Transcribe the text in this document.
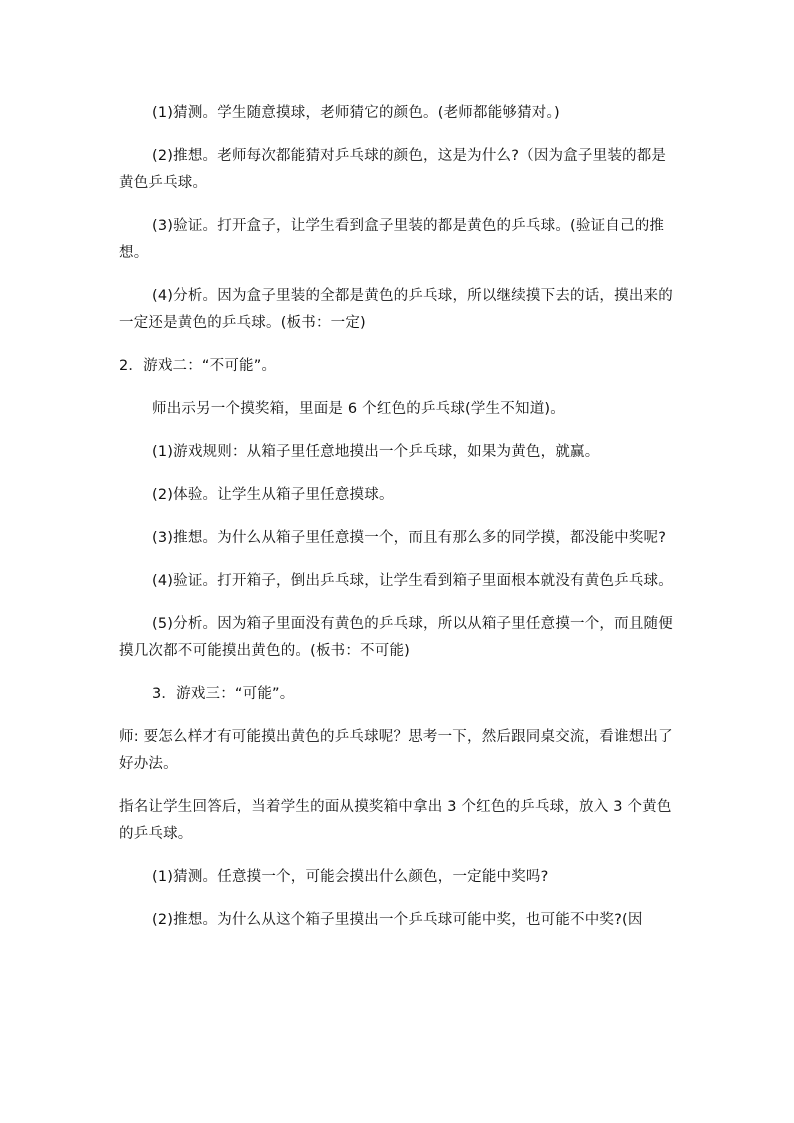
(1)猜测。学生随意摸球，老师猜它的颜色。(老师都能够猜对。)

(2)推想。老师每次都能猜对乒乓球的颜色，这是为什么?（因为盒子里装的都是黄色乒乓球。

(3)验证。打开盒子，让学生看到盒子里装的都是黄色的乒乓球。(验证自己的推想。

(4)分析。因为盒子里装的全都是黄色的乒乓球，所以继续摸下去的话，摸出来的一定还是黄色的乒乓球。(板书：一定)

2．游戏二：“不可能”。

师出示另一个摸奖箱，里面是 6 个红色的乒乓球(学生不知道)。

(1)游戏规则：从箱子里任意地摸出一个乒乓球，如果为黄色，就赢。

(2)体验。让学生从箱子里任意摸球。

(3)推想。为什么从箱子里任意摸一个，而且有那么多的同学摸，都没能中奖呢?

(4)验证。打开箱子，倒出乒乓球，让学生看到箱子里面根本就没有黄色乒乓球。

(5)分析。因为箱子里面没有黄色的乒乓球，所以从箱子里任意摸一个，而且随便摸几次都不可能摸出黄色的。(板书：不可能)

3．游戏三：“可能”。

师: 要怎么样才有可能摸出黄色的乒乓球呢？思考一下，然后跟同桌交流，看谁想出了好办法。

指名让学生回答后，当着学生的面从摸奖箱中拿出 3 个红色的乒乓球，放入 3 个黄色的乒乓球。

(1)猜测。任意摸一个，可能会摸出什么颜色，一定能中奖吗?

(2)推想。为什么从这个箱子里摸出一个乒乓球可能中奖，也可能不中奖?(因
